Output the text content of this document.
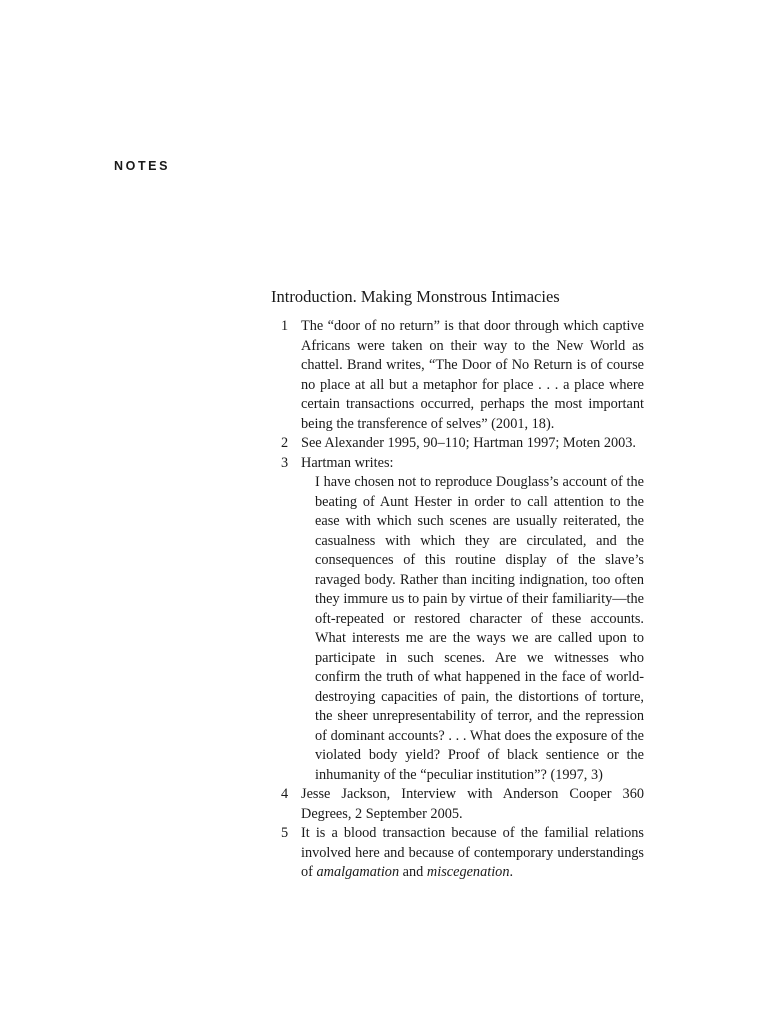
NOTES
Introduction. Making Monstrous Intimacies
1 The “door of no return” is that door through which captive Africans were taken on their way to the New World as chattel. Brand writes, “The Door of No Return is of course no place at all but a metaphor for place . . . a place where certain transactions occurred, perhaps the most important being the transference of selves” (2001, 18).
2 See Alexander 1995, 90–110; Hartman 1997; Moten 2003.
3 Hartman writes:
I have chosen not to reproduce Douglass’s account of the beating of Aunt Hester in order to call attention to the ease with which such scenes are usually reiterated, the casualness with which they are circulated, and the consequences of this routine display of the slave’s ravaged body. Rather than inciting indignation, too often they immure us to pain by virtue of their familiarity—the oft-repeated or restored character of these accounts. What interests me are the ways we are called upon to participate in such scenes. Are we witnesses who confirm the truth of what happened in the face of world-destroying capacities of pain, the distortions of torture, the sheer unrepresentability of terror, and the repression of dominant accounts? . . . What does the exposure of the violated body yield? Proof of black sentience or the inhumanity of the “peculiar institution”? (1997, 3)
4 Jesse Jackson, Interview with Anderson Cooper 360 Degrees, 2 September 2005.
5 It is a blood transaction because of the familial relations involved here and because of contemporary understandings of amalgamation and miscegenation.
